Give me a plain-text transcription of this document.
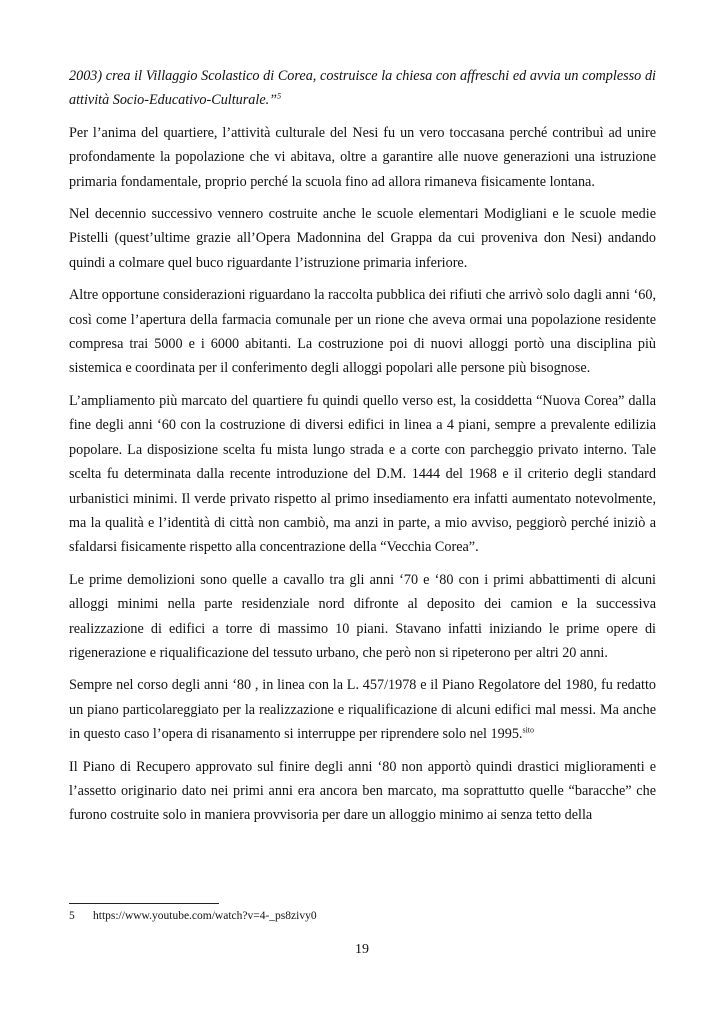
2003) crea il Villaggio Scolastico di Corea, costruisce la chiesa con affreschi ed avvia un complesso di attività Socio-Educativo-Culturale.”$^5$

Per l’anima del quartiere, l’attività culturale del Nesi fu un vero toccasana perché contribuì ad unire profondamente la popolazione che vi abitava, oltre a garantire alle nuove generazioni una istruzione primaria fondamentale, proprio perché la scuola fino ad allora rimaneva fisicamente lontana.

Nel decennio successivo vennero costruite anche le scuole elementari Modigliani e le scuole medie Pistelli (quest’ultime grazie all’Opera Madonnina del Grappa da cui proveniva don Nesi) andando quindi a colmare quel buco riguardante l’istruzione primaria inferiore.

Altre opportune considerazioni riguardano la raccolta pubblica dei rifiuti che arrivò solo dagli anni ‘60, così come l’apertura della farmacia comunale per un rione che aveva ormai una popolazione residente compresa trai 5000 e i 6000 abitanti. La costruzione poi di nuovi alloggi portò una disciplina più sistemica e coordinata per il conferimento degli alloggi popolari alle persone più bisognose.

L’ampliamento più marcato del quartiere fu quindi quello verso est, la cosiddetta “Nuova Corea” dalla fine degli anni ‘60 con la costruzione di diversi edifici in linea a 4 piani, sempre a prevalente edilizia popolare. La disposizione scelta fu mista lungo strada e a corte con parcheggio privato interno. Tale scelta fu determinata dalla recente introduzione del D.M. 1444 del 1968 e il criterio degli standard urbanistici minimi. Il verde privato rispetto al primo insediamento era infatti aumentato notevolmente, ma la qualità e l’identità di città non cambiò, ma anzi in parte, a mio avviso, peggiorò perché iniziò a sfaldarsi fisicamente rispetto alla concentrazione della “Vecchia Corea”.

Le prime demolizioni sono quelle a cavallo tra gli anni ‘70 e ‘80 con i primi abbattimenti di alcuni alloggi minimi nella parte residenziale nord difronte al deposito dei camion e la successiva realizzazione di edifici a torre di massimo 10 piani. Stavano infatti iniziando le prime opere di rigenerazione e riqualificazione del tessuto urbano, che però non si ripeterono per altri 20 anni.

Sempre nel corso degli anni ‘80 , in linea con la L. 457/1978 e il Piano Regolatore del 1980, fu redatto un piano particolareggiato per la realizzazione e riqualificazione di alcuni edifici mal messi. Ma anche in questo caso l’opera di risanamento si interruppe per riprendere solo nel 1995.$^{sito}$

Il Piano di Recupero approvato sul finire degli anni ‘80 non apportò quindi drastici miglioramenti e l’assetto originario dato nei primi anni era ancora ben marcato, ma soprattutto quelle “baracche” che furono costruite solo in maniera provvisoria per dare un alloggio minimo ai senza tetto della

5 https://www.youtube.com/watch?v=4-_ps8zivy0
19
